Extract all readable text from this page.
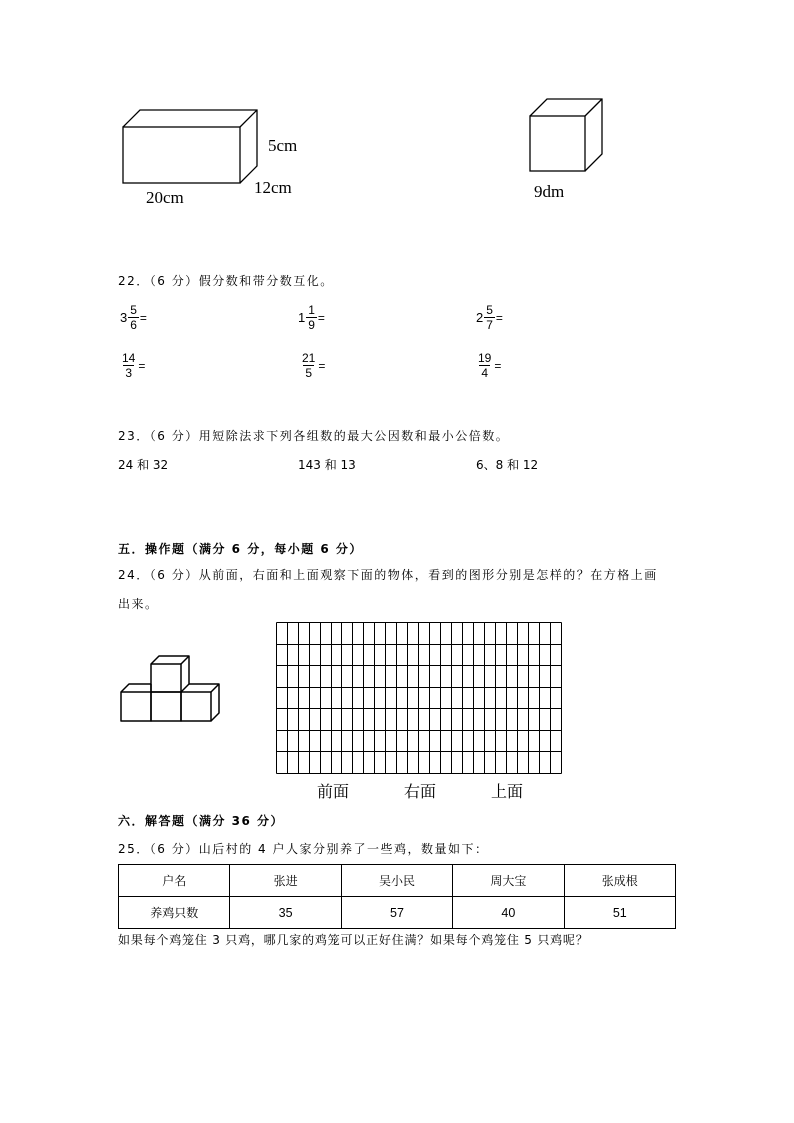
5cm
12cm
20cm	9dm
22．（6 分）假分数和带分数互化。
$3 \frac{5}{6}$ =	$1 \frac{1}{9}$ =	$2 \frac{5}{7}$ =
$\frac{14}{3}$ =	$\frac{21}{5}$ =	$\frac{19}{4}$ =
23．（6 分）用短除法求下列各组数的最大公因数和最小公倍数。
24 和 32	143 和 13	6、8 和 12
五．操作题（满分 6 分，每小题 6 分）
24．（6 分）从前面，右面和上面观察下面的物体，看到的图形分别是怎样的？在方格上画
出来。
前面	右面	上面
六．解答题（满分 36 分）
25．（6 分）山后村的 4 户人家分别养了一些鸡，数量如下：
户名	张进	吴小民	周大宝	张成根
养鸡只数	35	57	40	51
如果每个鸡笼住 3 只鸡，哪几家的鸡笼可以正好住满？如果每个鸡笼住 5 只鸡呢？
